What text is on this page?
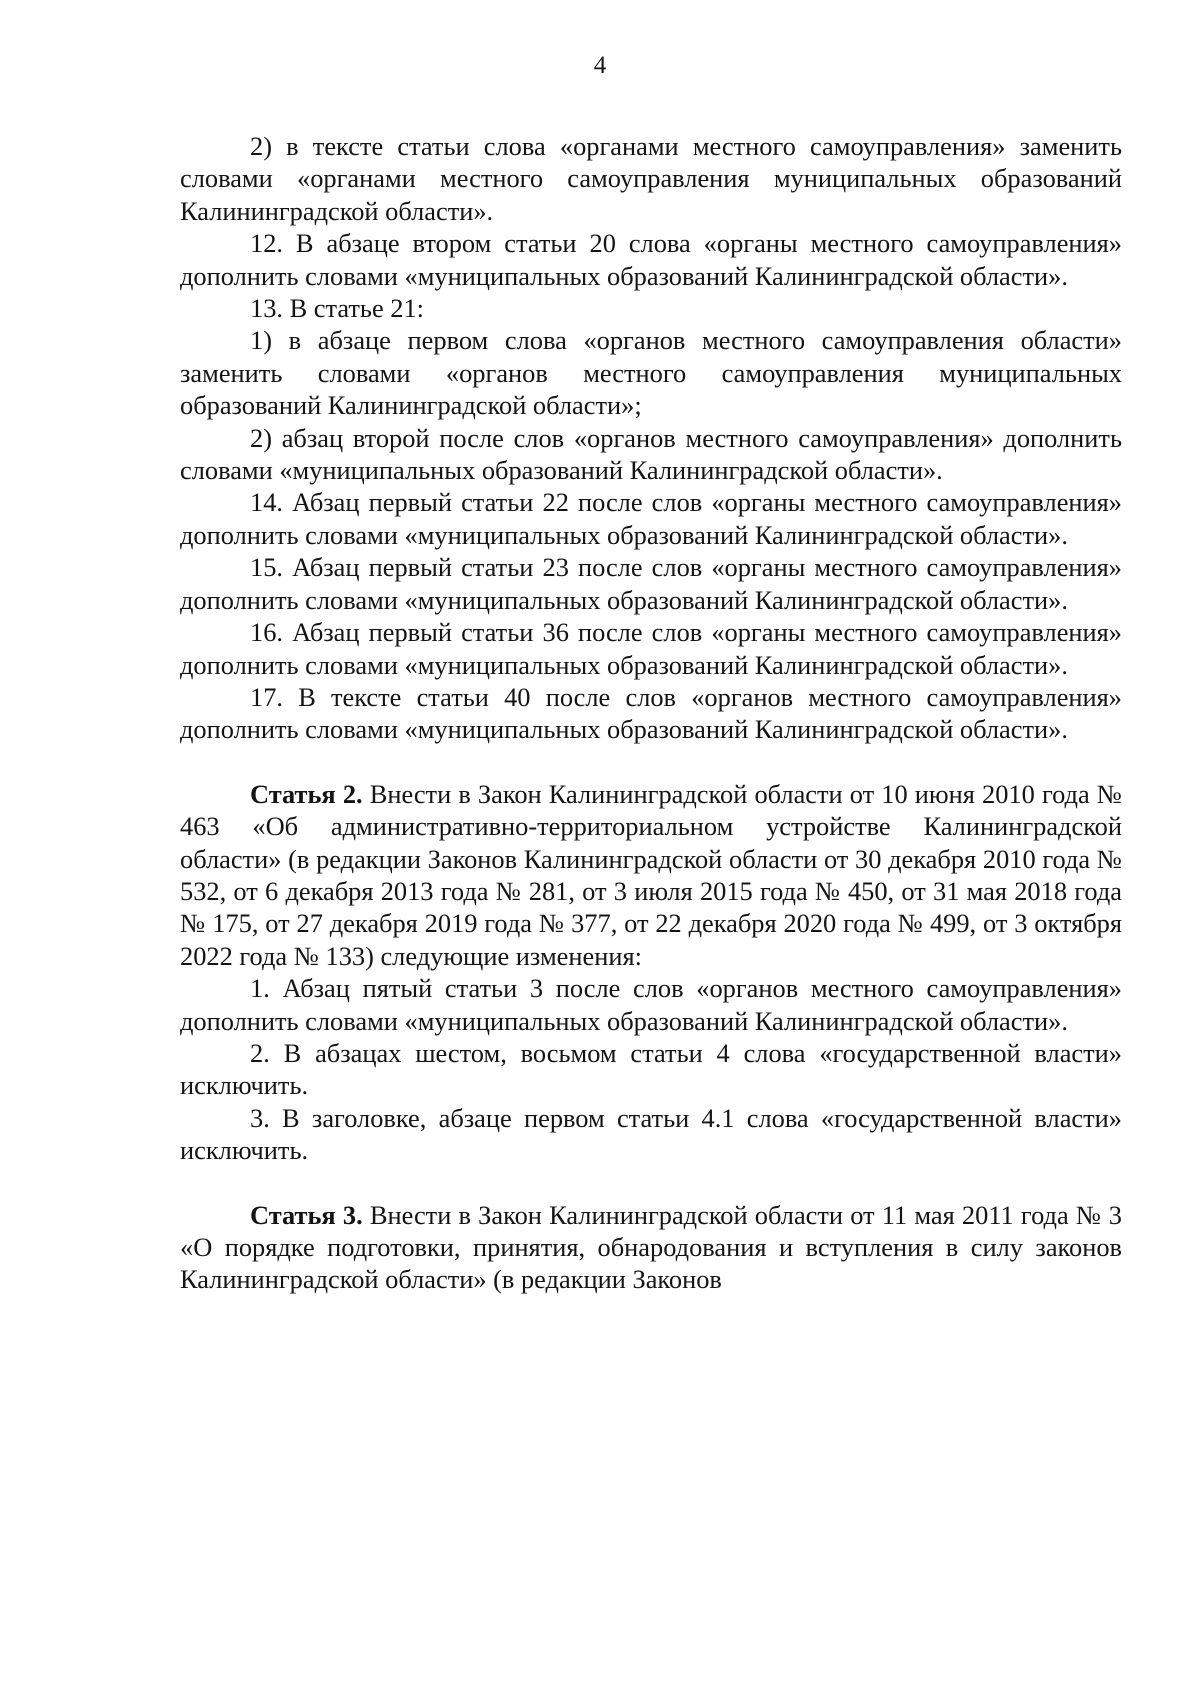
4

2) в тексте статьи слова «органами местного самоуправления» заменить словами «органами местного самоуправления муниципальных образований Калининградской области».

12. В абзаце втором статьи 20 слова «органы местного самоуправления» дополнить словами «муниципальных образований Калининградской области».

13. В статье 21:

1) в абзаце первом слова «органов местного самоуправления области» заменить словами «органов местного самоуправления муниципальных образований Калининградской области»;

2) абзац второй после слов «органов местного самоуправления» дополнить словами «муниципальных образований Калининградской области».

14. Абзац первый статьи 22 после слов «органы местного самоуправления» дополнить словами «муниципальных образований Калининградской области».

15. Абзац первый статьи 23 после слов «органы местного самоуправления» дополнить словами «муниципальных образований Калининградской области».

16. Абзац первый статьи 36 после слов «органы местного самоуправления» дополнить словами «муниципальных образований Калининградской области».

17. В тексте статьи 40 после слов «органов местного самоуправления» дополнить словами «муниципальных образований Калининградской области».

Статья 2. Внести в Закон Калининградской области от 10 июня 2010 года № 463 «Об административно-территориальном устройстве Калининградской области» (в редакции Законов Калининградской области от 30 декабря 2010 года № 532, от 6 декабря 2013 года № 281, от 3 июля 2015 года № 450, от 31 мая 2018 года № 175, от 27 декабря 2019 года № 377, от 22 декабря 2020 года № 499, от 3 октября 2022 года № 133) следующие изменения:

1. Абзац пятый статьи 3 после слов «органов местного самоуправления» дополнить словами «муниципальных образований Калининградской области».

2. В абзацах шестом, восьмом статьи 4 слова «государственной власти» исключить.

3. В заголовке, абзаце первом статьи 4.1 слова «государственной власти» исключить.

Статья 3. Внести в Закон Калининградской области от 11 мая 2011 года № 3 «О порядке подготовки, принятия, обнародования и вступления в силу законов Калининградской области» (в редакции Законов
